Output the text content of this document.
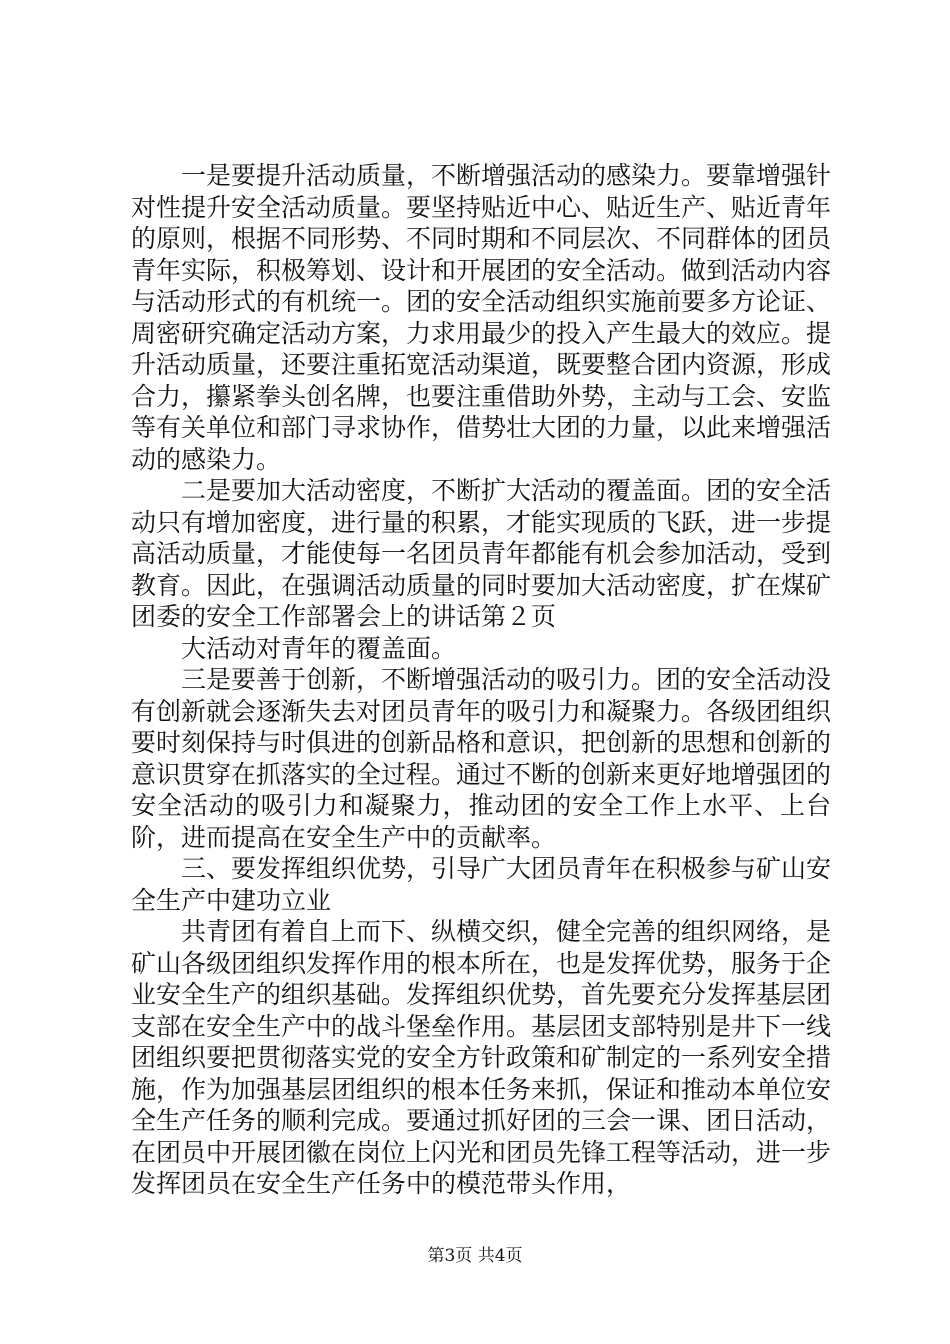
一是要提升活动质量，不断增强活动的感染力。要靠增强针对性提升安全活动质量。要坚持贴近中心、贴近生产、贴近青年的原则，根据不同形势、不同时期和不同层次、不同群体的团员青年实际，积极筹划、设计和开展团的安全活动。做到活动内容与活动形式的有机统一。团的安全活动组织实施前要多方论证、周密研究确定活动方案，力求用最少的投入产生最大的效应。提升活动质量，还要注重拓宽活动渠道，既要整合团内资源，形成合力，攥紧拳头创名牌，也要注重借助外势，主动与工会、安监等有关单位和部门寻求协作，借势壮大团的力量，以此来增强活动的感染力。

二是要加大活动密度，不断扩大活动的覆盖面。团的安全活动只有增加密度，进行量的积累，才能实现质的飞跃，进一步提高活动质量，才能使每一名团员青年都能有机会参加活动，受到教育。因此，在强调活动质量的同时要加大活动密度，扩在煤矿团委的安全工作部署会上的讲话第２页

大活动对青年的覆盖面。

三是要善于创新，不断增强活动的吸引力。团的安全活动没有创新就会逐渐失去对团员青年的吸引力和凝聚力。各级团组织要时刻保持与时俱进的创新品格和意识，把创新的思想和创新的意识贯穿在抓落实的全过程。通过不断的创新来更好地增强团的安全活动的吸引力和凝聚力，推动团的安全工作上水平、上台阶，进而提高在安全生产中的贡献率。

三、要发挥组织优势，引导广大团员青年在积极参与矿山安全生产中建功立业

共青团有着自上而下、纵横交织，健全完善的组织网络，是矿山各级团组织发挥作用的根本所在，也是发挥优势，服务于企业安全生产的组织基础。发挥组织优势，首先要充分发挥基层团支部在安全生产中的战斗堡垒作用。基层团支部特别是井下一线团组织要把贯彻落实党的安全方针政策和矿制定的一系列安全措施，作为加强基层团组织的根本任务来抓，保证和推动本单位安全生产任务的顺利完成。要通过抓好团的三会一课、团日活动，在团员中开展团徽在岗位上闪光和团员先锋工程等活动，进一步发挥团员在安全生产任务中的模范带头作用，

第3页 共4页
